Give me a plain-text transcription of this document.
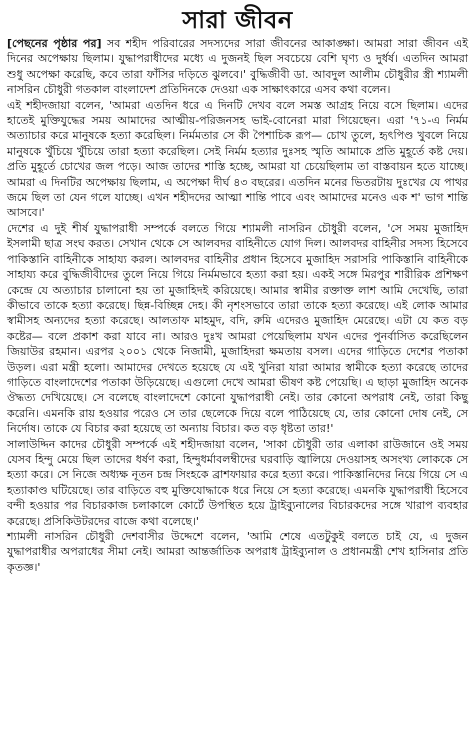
সারা জীবন

[পেছনের পৃষ্ঠার পর] সব শহীদ পরিবারের সদস্যদের সারা জীবনের আকাঙ্ক্ষা। আমরা সারা জীবন এই দিনের অপেক্ষায় ছিলাম। যুদ্ধাপরাধীদের মধ্যে এ দুজনই ছিল সবচেয়ে বেশি ঘৃণ্য ও দুর্ধর্ষ। এতদিন আমরা শুধু অপেক্ষা করেছি, কবে তারা ফাঁসির দড়িতে ঝুলবে।' বুদ্ধিজীবী ডা. আবদুল আলীম চৌধুরীর স্ত্রী শ্যামলী নাসরিন চৌধুরী গতকাল বাংলাদেশ প্রতিদিনকে দেওয়া এক সাক্ষাৎকারে এসব কথা বলেন।

এই শহীদজায়া বলেন, 'আমরা এতদিন ধরে এ দিনটি দেখব বলে সমস্ত আগ্রহ নিয়ে বসে ছিলাম। এদের হাতেই মুক্তিযুদ্ধের সময় আমাদের আত্মীয়-পরিজনসহ ভাই-বোনেরা মারা গিয়েছেন। এরা '৭১-এ নির্মম অত্যাচার করে মানুষকে হত্যা করেছিল। নির্মমতার সে কী পৈশাচিক রূপ— চোখ তুলে, হৃৎপিণ্ড খুবলে নিয়ে মানুষকে খুঁচিয়ে খুঁচিয়ে তারা হত্যা করেছিল। সেই নির্মম হত্যার দুঃসহ স্মৃতি আমাকে প্রতি মুহূর্তে কষ্ট দেয়। প্রতি মুহূর্তে চোখের জল পড়ে। আজ তাদের শাস্তি হচ্ছে, আমরা যা চেয়েছিলাম তা বাস্তবায়ন হতে যাচ্ছে। আমরা এ দিনটির অপেক্ষায় ছিলাম, এ অপেক্ষা দীর্ঘ ৪৩ বছরের। এতদিন মনের ভিতরটায় দুঃখের যে পাথর জমে ছিল তা যেন গলে যাচ্ছে। এখন শহীদদের আত্মা শান্তি পাবে এবং আমাদের মনেও এক শ' ভাগ শান্তি আসবে।'

দেশের এ দুই শীর্ষ যুদ্ধাপরাধী সম্পর্কে বলতে গিয়ে শ্যামলী নাসরিন চৌধুরী বলেন, 'সে সময় মুজাহিদ ইসলামী ছাত্র সংঘ করত। সেখান থেকে সে আলবদর বাহিনীতে যোগ দিল। আলবদর বাহিনীর সদস্য হিসেবে পাকিস্তানি বাহিনীকে সাহায্য করল। আলবদর বাহিনীর প্রধান হিসেবে মুজাহিদ সরাসরি পাকিস্তানি বাহিনীকে সাহায্য করে বুদ্ধিজীবীদের তুলে নিয়ে গিয়ে নির্মমভাবে হত্যা করা হয়। একই সঙ্গে মিরপুর শারীরিক প্রশিক্ষণ কেন্দ্রে যে অত্যাচার চালানো হয় তা মুজাহিদই করিয়েছে। আমার স্বামীর রক্তাক্ত লাশ আমি দেখেছি, তারা কীভাবে তাকে হত্যা করেছে। ছিন্ন-বিচ্ছিন্ন দেহ। কী নৃশংসভাবে তারা তাকে হত্যা করেছে। এই লোক আমার স্বামীসহ অন্যদের হত্যা করেছে। আলতাফ মাহমুদ, বদি, রুমি এদেরও মুজাহিদ মেরেছে। এটা যে কত বড় কষ্টের— বলে প্রকাশ করা যাবে না। আরও দুঃখ আমরা পেয়েছিলাম যখন এদের পুনর্বাসিত করেছিলেন জিয়াউর রহমান। এরপর ২০০১ থেকে নিজামী, মুজাহিদরা ক্ষমতায় বসল। এদের গাড়িতে দেশের পতাকা উড়ল। এরা মন্ত্রী হলো। আমাদের দেখতে হয়েছে যে এই খুনিরা যারা আমার স্বামীকে হত্যা করেছে তাদের গাড়িতে বাংলাদেশের পতাকা উড়িয়েছে। এগুলো দেখে আমরা ভীষণ কষ্ট পেয়েছি। এ ছাড়া মুজাহিদ অনেক ঔদ্ধত্য দেখিয়েছে। সে বলেছে বাংলাদেশে কোনো যুদ্ধাপরাধী নেই। তার কোনো অপরাধ নেই, তারা কিছু করেনি। এমনকি রায় হওয়ার পরেও সে তার ছেলেকে দিয়ে বলে পাঠিয়েছে যে, তার কোনো দোষ নেই, সে নির্দোষ। তাকে যে বিচার করা হয়েছে তা অন্যায় বিচার। কত বড় ধৃষ্টতা তার!'

সালাউদ্দিন কাদের চৌধুরী সম্পর্কে এই শহীদজায়া বলেন, 'সাকা চৌধুরী তার এলাকা রাউজানে ওই সময় যেসব হিন্দু মেয়ে ছিল তাদের ধর্ষণ করা, হিন্দুধর্মাবলম্বীদের ঘরবাড়ি জ্বালিয়ে দেওয়াসহ অসংখ্য লোককে সে হত্যা করে। সে নিজে অধ্যক্ষ নূতন চন্দ্র সিংহকে ব্রাশফায়ার করে হত্যা করে। পাকিস্তানিদের নিয়ে গিয়ে সে এ হত্যাকাণ্ড ঘটিয়েছে। তার বাড়িতে বহু মুক্তিযোদ্ধাকে ধরে নিয়ে সে হত্যা করেছে। এমনকি যুদ্ধাপরাধী হিসেবে বন্দী হওয়ার পর বিচারকাজ চলাকালে কোর্টে উপস্থিত হয়ে ট্রাইব্যুনালের বিচারকদের সঙ্গে খারাপ ব্যবহার করেছে। প্রসিকিউটরদের বাজে কথা বলেছে।'

শ্যামলী নাসরিন চৌধুরী দেশবাসীর উদ্দেশে বলেন, 'আমি শেষে এতটুকুই বলতে চাই যে, এ দুজন যুদ্ধাপরাধীর অপরাধের সীমা নেই। আমরা আন্তর্জাতিক অপরাধ ট্রাইব্যুনাল ও প্রধানমন্ত্রী শেখ হাসিনার প্রতি কৃতজ্ঞ।'
